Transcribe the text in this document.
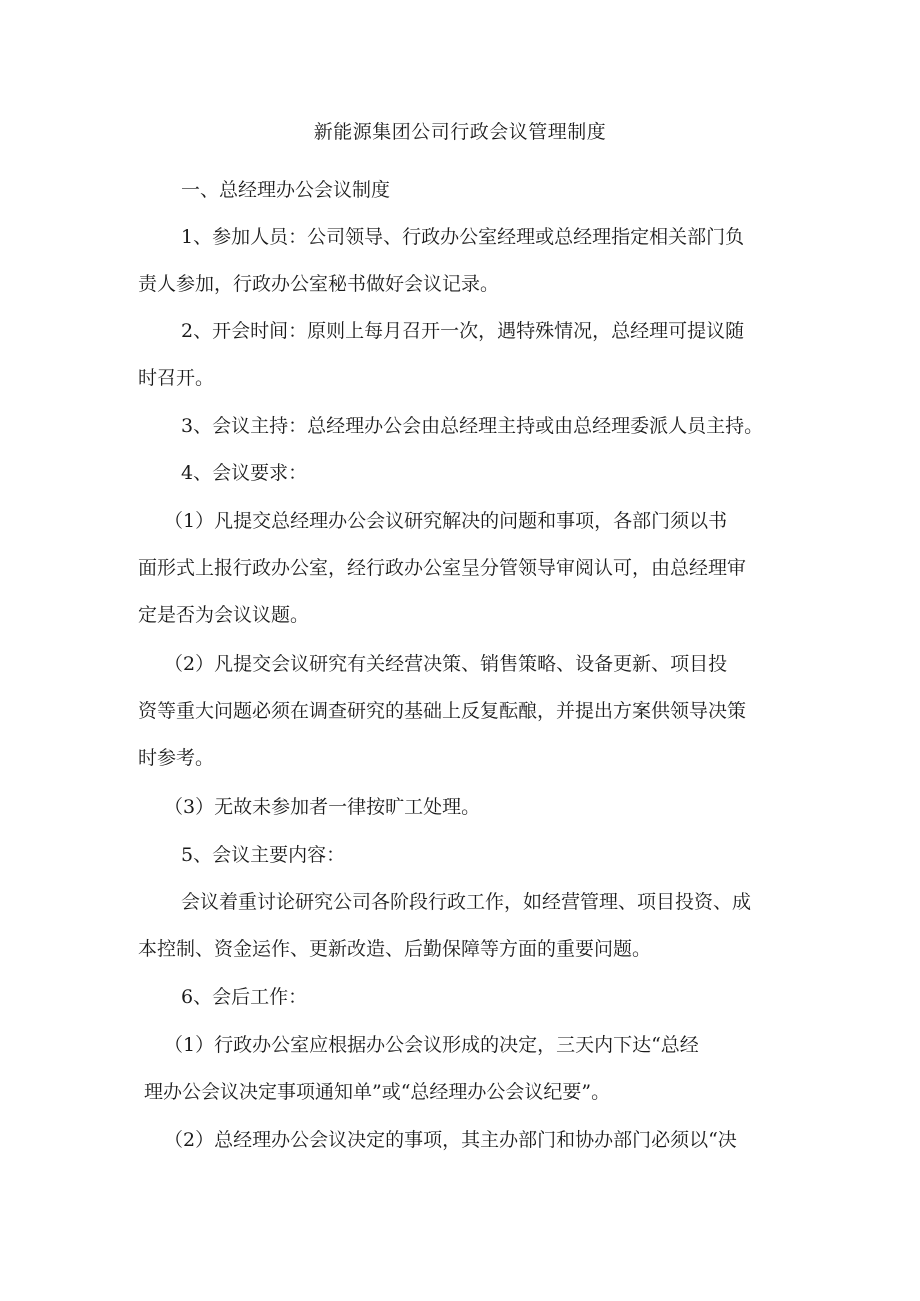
新能源集团公司行政会议管理制度
一、总经理办公会议制度
1、参加人员：公司领导、行政办公室经理或总经理指定相关部门负
责人参加，行政办公室秘书做好会议记录。
2、开会时间：原则上每月召开一次，遇特殊情况，总经理可提议随
时召开。
3、会议主持：总经理办公会由总经理主持或由总经理委派人员主持。
4、会议要求：
（1）凡提交总经理办公会议研究解决的问题和事项，各部门须以书
面形式上报行政办公室，经行政办公室呈分管领导审阅认可，由总经理审
定是否为会议议题。
（2）凡提交会议研究有关经营决策、销售策略、设备更新、项目投
资等重大问题必须在调查研究的基础上反复酝酿，并提出方案供领导决策
时参考。
（3）无故未参加者一律按旷工处理。
5、会议主要内容：
会议着重讨论研究公司各阶段行政工作，如经营管理、项目投资、成
本控制、资金运作、更新改造、后勤保障等方面的重要问题。
6、会后工作：
（1）行政办公室应根据办公会议形成的决定，三天内下达“总经
理办公会议决定事项通知单”或“总经理办公会议纪要”。
（2）总经理办公会议决定的事项，其主办部门和协办部门必须以“决
